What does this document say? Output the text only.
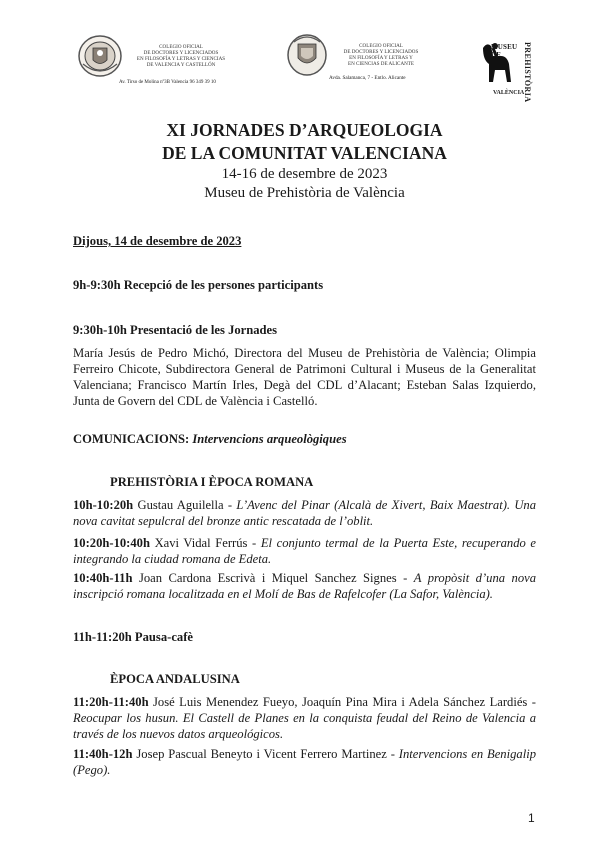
COLEGIO OFICIAL
DE DOCTORES Y LICENCIADOS
EN FILOSOFÍA Y LETRAS Y CIENCIAS
DE VALENCIA Y CASTELLÓN
Av. Tirso de Molina nº3B Valencia 96 349 39 10
COLEGIO OFICIAL
DE DOCTORES Y LICENCIADOS
EN FILOSOFÍA Y LETRAS Y
EN CIENCIAS DE ALICANTE
Avda. Salamanca, 7 - Entlo. Alicante
MUSEU DE	PREHISTÒRIA
VALÈNCIA
XI JORNADES D’ARQUEOLOGIA
DE LA COMUNITAT VALENCIANA
14-16 de desembre de 2023
Museu de Prehistòria de València
Dijous, 14 de desembre de 2023
9h-9:30h Recepció de les persones participants
9:30h-10h Presentació de les Jornades
María Jesús de Pedro Michó, Directora del Museu de Prehistòria de València; Olimpia Ferreiro Chicote, Subdirectora General de Patrimoni Cultural i Museus de la Generalitat Valenciana; Francisco Martín Irles, Degà del CDL d’Alacant; Esteban Salas Izquierdo, Junta de Govern del CDL de València i Castelló.
COMUNICACIONS: Intervencions arqueològiques
PREHISTÒRIA I ÈPOCA ROMANA
10h-10:20h Gustau Aguilella - L’Avenc del Pinar (Alcalà de Xivert, Baix Maestrat). Una nova cavitat sepulcral del bronze antic rescatada de l’oblit.
10:20h-10:40h Xavi Vidal Ferrús - El conjunto termal de la Puerta Este, recuperando e integrando la ciudad romana de Edeta.
10:40h-11h Joan Cardona Escrivà i Miquel Sanchez Signes - A propòsit d’una nova inscripció romana localitzada en el Molí de Bas de Rafelcofer (La Safor, València).
11h-11:20h Pausa-cafè
ÈPOCA ANDALUSINA
11:20h-11:40h José Luis Menendez Fueyo, Joaquín Pina Mira i Adela Sánchez Lardiés - Reocupar los husun. El Castell de Planes en la conquista feudal del Reino de Valencia a través de los nuevos datos arqueológicos.
11:40h-12h Josep Pascual Beneyto i Vicent Ferrero Martinez - Intervencions en Benigalip (Pego).
1
